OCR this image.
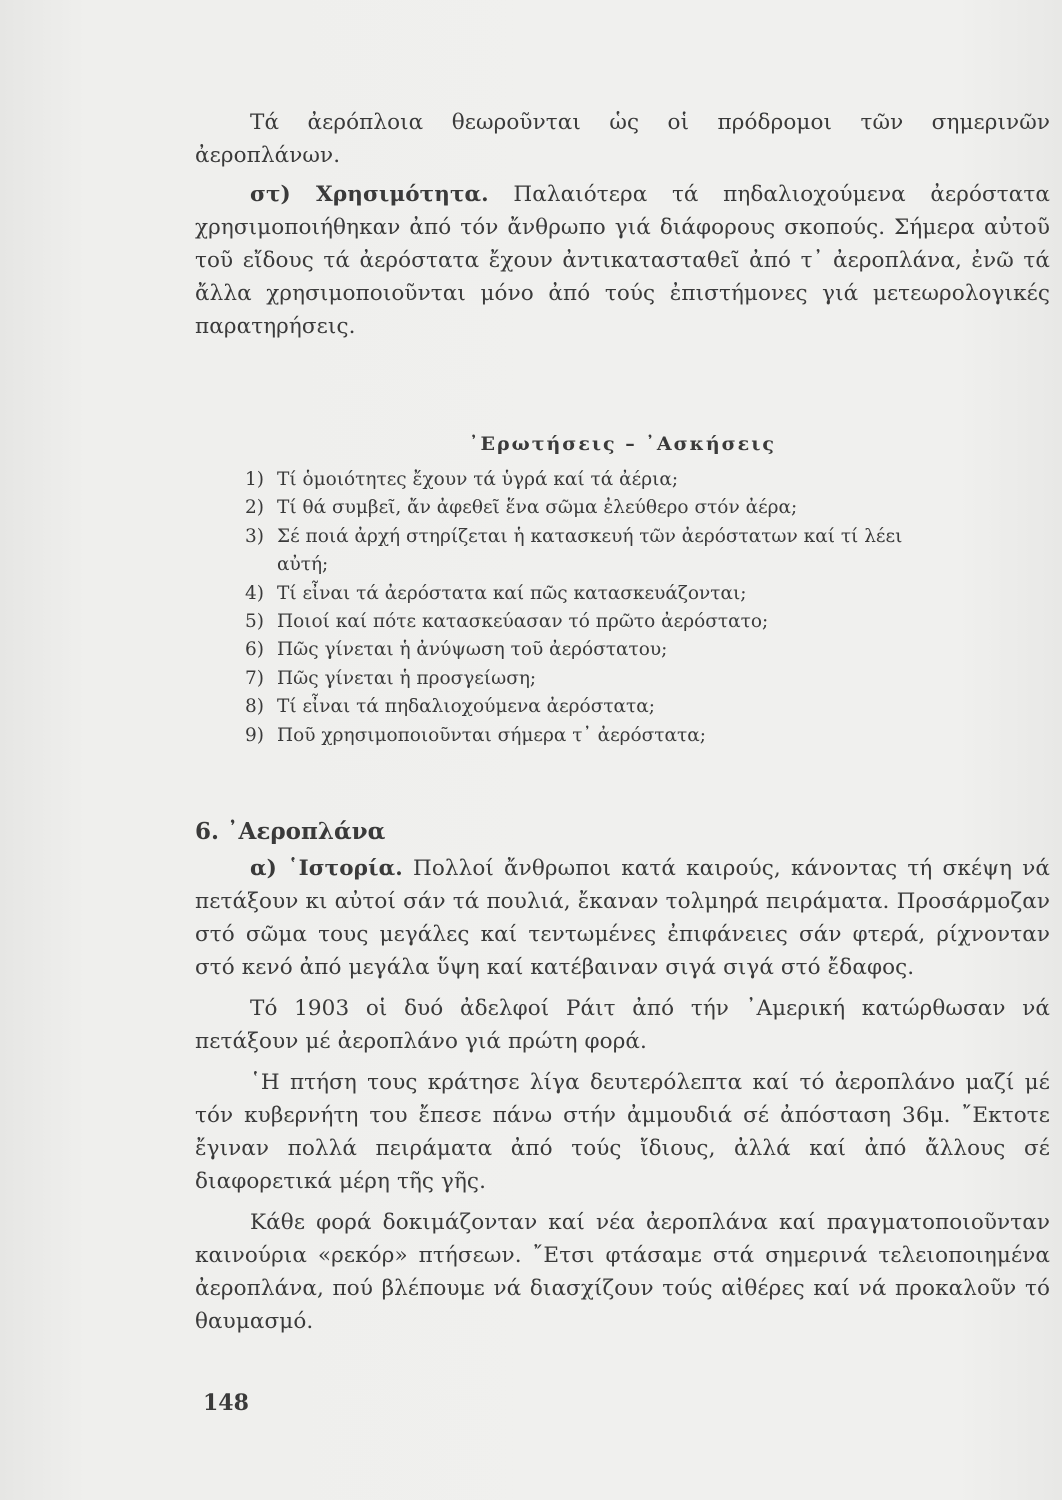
Τά ἀερόπλοια θεωροῦνται ὡς οἱ πρόδρομοι τῶν σημερινῶν ἀεροπλάνων.

στ) Χρησιμότητα. Παλαιότερα τά πηδαλιοχούμενα ἀερόστατα χρησιμοποιήθηκαν ἀπό τόν ἄνθρωπο γιά διάφορους σκοπούς. Σήμερα αὐτοῦ τοῦ εἴδους τά ἀερόστατα ἔχουν ἀντικατασταθεῖ ἀπό τ᾽ ἀεροπλάνα, ἐνῶ τά ἄλλα χρησιμοποιοῦνται μόνο ἀπό τούς ἐπιστήμονες γιά μετεωρολογικές παρατηρήσεις.

᾽Ερωτήσεις – ᾽Ασκήσεις
1) Τί ὁμοιότητες ἔχουν τά ὑγρά καί τά ἀέρια;
2) Τί θά συμβεῖ, ἄν ἀφεθεῖ ἕνα σῶμα ἐλεύθερο στόν ἀέρα;
3) Σέ ποιά ἀρχή στηρίζεται ἡ κατασκευή τῶν ἀερόστατων καί τί λέει
αὐτή;
4) Τί εἶναι τά ἀερόστατα καί πῶς κατασκευάζονται;
5) Ποιοί καί πότε κατασκεύασαν τό πρῶτο ἀερόστατο;
6) Πῶς γίνεται ἡ ἀνύψωση τοῦ ἀερόστατου;
7) Πῶς γίνεται ἡ προσγείωση;
8) Τί εἶναι τά πηδαλιοχούμενα ἀερόστατα;
9) Ποῦ χρησιμοποιοῦνται σήμερα τ᾽ ἀερόστατα;
6. ᾽Αεροπλάνα

α) ῾Ιστορία. Πολλοί ἄνθρωποι κατά καιρούς, κάνοντας τή σκέψη νά πετάξουν κι αὐτοί σάν τά πουλιά, ἔκαναν τολμηρά πειράματα. Προσάρμοζαν στό σῶμα τους μεγάλες καί τεντωμένες ἐπιφάνειες σάν φτερά, ρίχνονταν στό κενό ἀπό μεγάλα ὕψη καί κατέβαιναν σιγά σιγά στό ἔδαφος.

Τό 1903 οἱ δυό ἀδελφοί Ράιτ ἀπό τήν ᾽Αμερική κατώρθωσαν νά πετάξουν μέ ἀεροπλάνο γιά πρώτη φορά.

῾Η πτήση τους κράτησε λίγα δευτερόλεπτα καί τό ἀεροπλάνο μαζί μέ τόν κυβερνήτη του ἔπεσε πάνω στήν ἀμμουδιά σέ ἀπόσταση 36μ. ῎Εκτοτε ἔγιναν πολλά πειράματα ἀπό τούς ἴδιους, ἀλλά καί ἀπό ἄλλους σέ διαφορετικά μέρη τῆς γῆς.

Κάθε φορά δοκιμάζονταν καί νέα ἀεροπλάνα καί πραγματοποιοῦνταν καινούρια «ρεκόρ» πτήσεων. ῎Ετσι φτάσαμε στά σημερινά τελειοποιημένα ἀεροπλάνα, πού βλέπουμε νά διασχίζουν τούς αἰθέρες καί νά προκαλοῦν τό θαυμασμό.

148
